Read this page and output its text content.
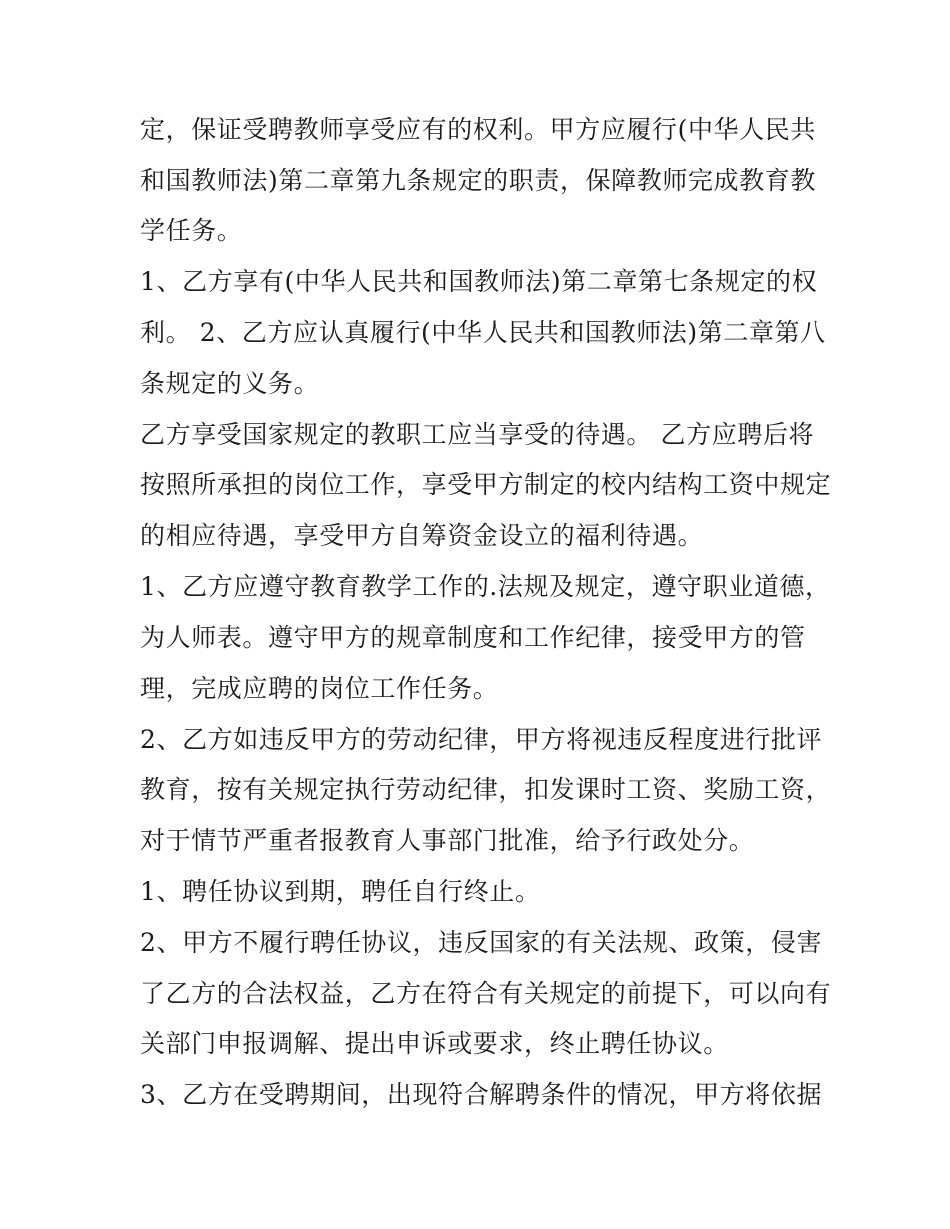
定，保证受聘教师享受应有的权利。甲方应履行(中华人民共
和国教师法)第二章第九条规定的职责，保障教师完成教育教
学任务。
1、乙方享有(中华人民共和国教师法)第二章第七条规定的权
利。 2、乙方应认真履行(中华人民共和国教师法)第二章第八
条规定的义务。
乙方享受国家规定的教职工应当享受的待遇。 乙方应聘后将
按照所承担的岗位工作，享受甲方制定的校内结构工资中规定
的相应待遇，享受甲方自筹资金设立的福利待遇。
1、乙方应遵守教育教学工作的.法规及规定，遵守职业道德，
为人师表。遵守甲方的规章制度和工作纪律，接受甲方的管
理，完成应聘的岗位工作任务。
2、乙方如违反甲方的劳动纪律，甲方将视违反程度进行批评
教育，按有关规定执行劳动纪律，扣发课时工资、奖励工资，
对于情节严重者报教育人事部门批准，给予行政处分。
1、聘任协议到期，聘任自行终止。
2、甲方不履行聘任协议，违反国家的有关法规、政策，侵害
了乙方的合法权益，乙方在符合有关规定的前提下，可以向有
关部门申报调解、提出申诉或要求，终止聘任协议。
3、乙方在受聘期间，出现符合解聘条件的情况，甲方将依据
